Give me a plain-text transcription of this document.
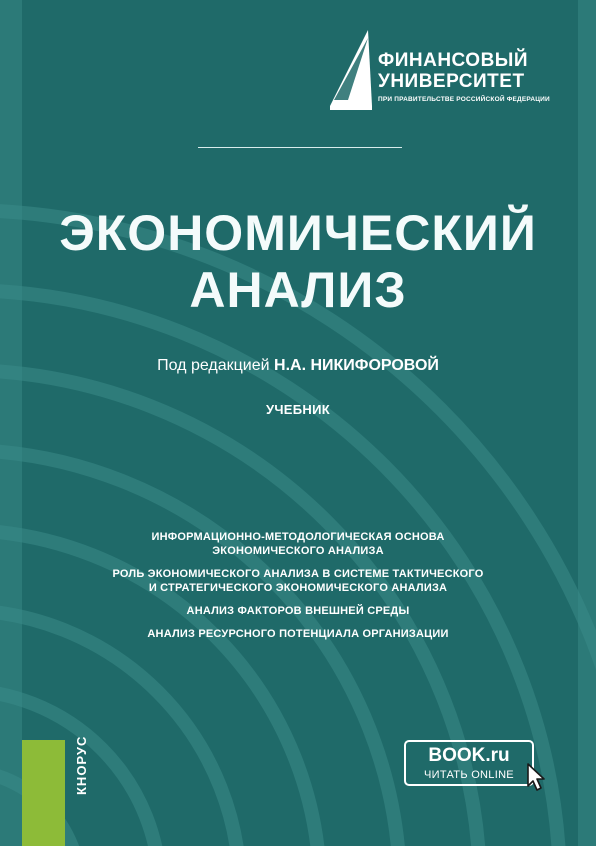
ФИНАНСОВЫЙ
УНИВЕРСИТЕТ
ПРИ ПРАВИТЕЛЬСТВЕ РОССИЙСКОЙ ФЕДЕРАЦИИ
ЭКОНОМИЧЕСКИЙ
АНАЛИЗ
Под редакцией Н.А. НИКИФОРОВОЙ
УЧЕБНИК
ИНФОРМАЦИОННО-МЕТОДОЛОГИЧЕСКАЯ ОСНОВА
ЭКОНОМИЧЕСКОГО АНАЛИЗА
РОЛЬ ЭКОНОМИЧЕСКОГО АНАЛИЗА В СИСТЕМЕ ТАКТИЧЕСКОГО
И СТРАТЕГИЧЕСКОГО ЭКОНОМИЧЕСКОГО АНАЛИЗА
АНАЛИЗ ФАКТОРОВ ВНЕШНЕЙ СРЕДЫ
АНАЛИЗ РЕСУРСНОГО ПОТЕНЦИАЛА ОРГАНИЗАЦИИ
КНОРУС	BOOK.ru
ЧИТАТЬ ONLINE
